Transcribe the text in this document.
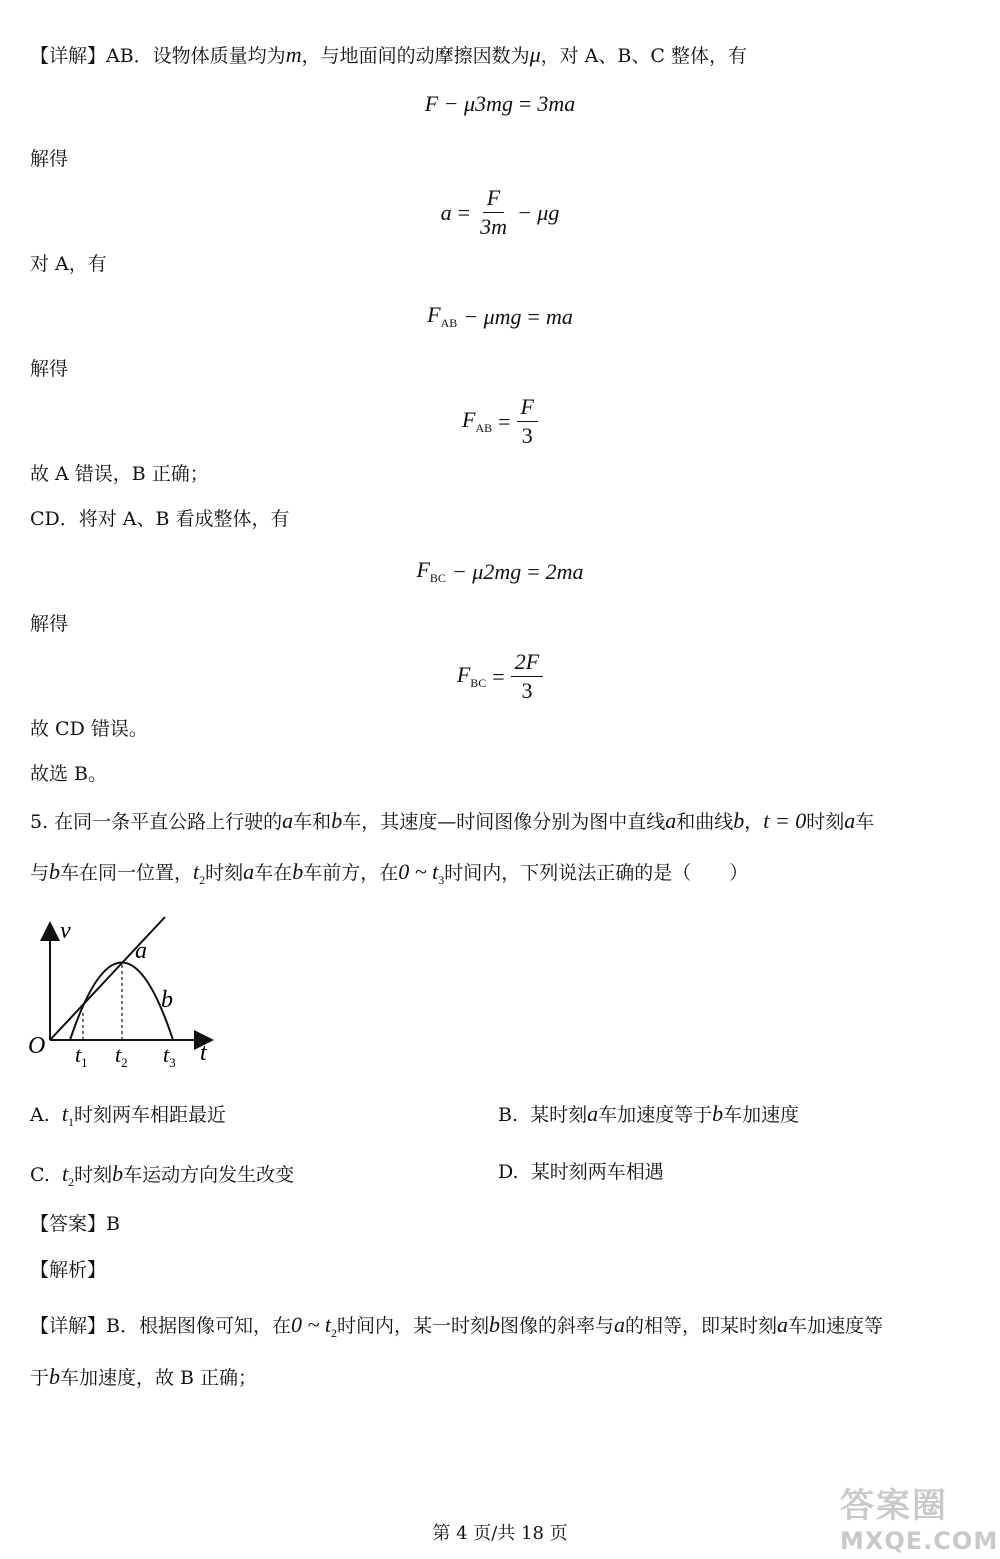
【详解】AB．设物体质量均为m，与地面间的动摩擦因数为μ，对 A、B、C 整体，有
F − μ3mg = 3ma
解得
$a = \frac{F}{3m} - \mu g$
对 A，有
$F_{AB} - \mu mg$ = ma
解得
$F_{AB} = \frac{F}{3}$
故 A 错误，B 正确；
CD．将对 A、B 看成整体，有
$F_{BC} - \mu 2mg = 2ma$
解得
$F_{BC} = \frac{2F}{3}$
故 CD 错误。
故选 B。
5. 在同一条平直公路上行驶的a车和b车，其速度—时间图像分别为图中直线a和曲线b，t = 0时刻a车
与b车在同一位置，$t_2$时刻a车在b车前方，在0 ~ $t_3$时间内，下列说法正确的是（　　）
v
O	t
a
b
$t_1$ $t_2$ $t_3$
A. $t_1$时刻两车相距最近	B. 某时刻a车加速度等于b车加速度
C. $t_2$时刻b车运动方向发生改变	D. 某时刻两车相遇
【答案】B
【解析】
【详解】B．根据图像可知，在0 ~ $t_2$时间内，某一时刻b图像的斜率与a的相等，即某时刻a车加速度等
于b车加速度，故 B 正确；
第 4 页/共 18 页
答案圈
MXQE.COM
